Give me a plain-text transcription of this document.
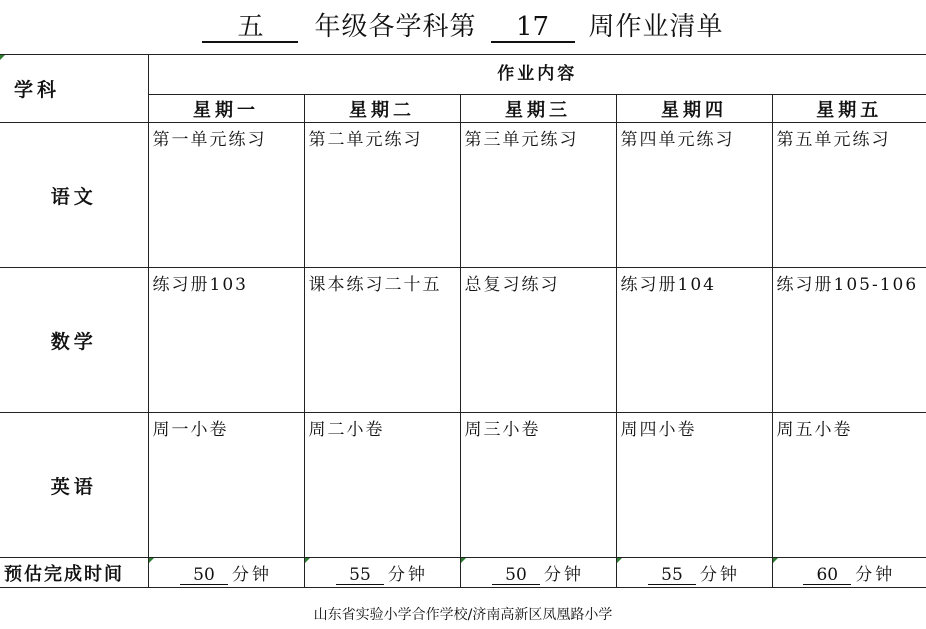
五 年级各学科第 17 周作业清单
学科	作业内容				
	星期一	星期二	星期三	星期四	星期五
语文	第一单元练习	第二单元练习	第三单元练习	第四单元练习	第五单元练习
数学	练习册103	课本练习二十五	总复习练习	练习册104	练习册105-106
英语	周一小卷	周二小卷	周三小卷	周四小卷	周五小卷
预估完成时间	50 分钟	55 分钟	50 分钟	55 分钟	60 分钟
山东省实验小学合作学校/济南高新区凤凰路小学
